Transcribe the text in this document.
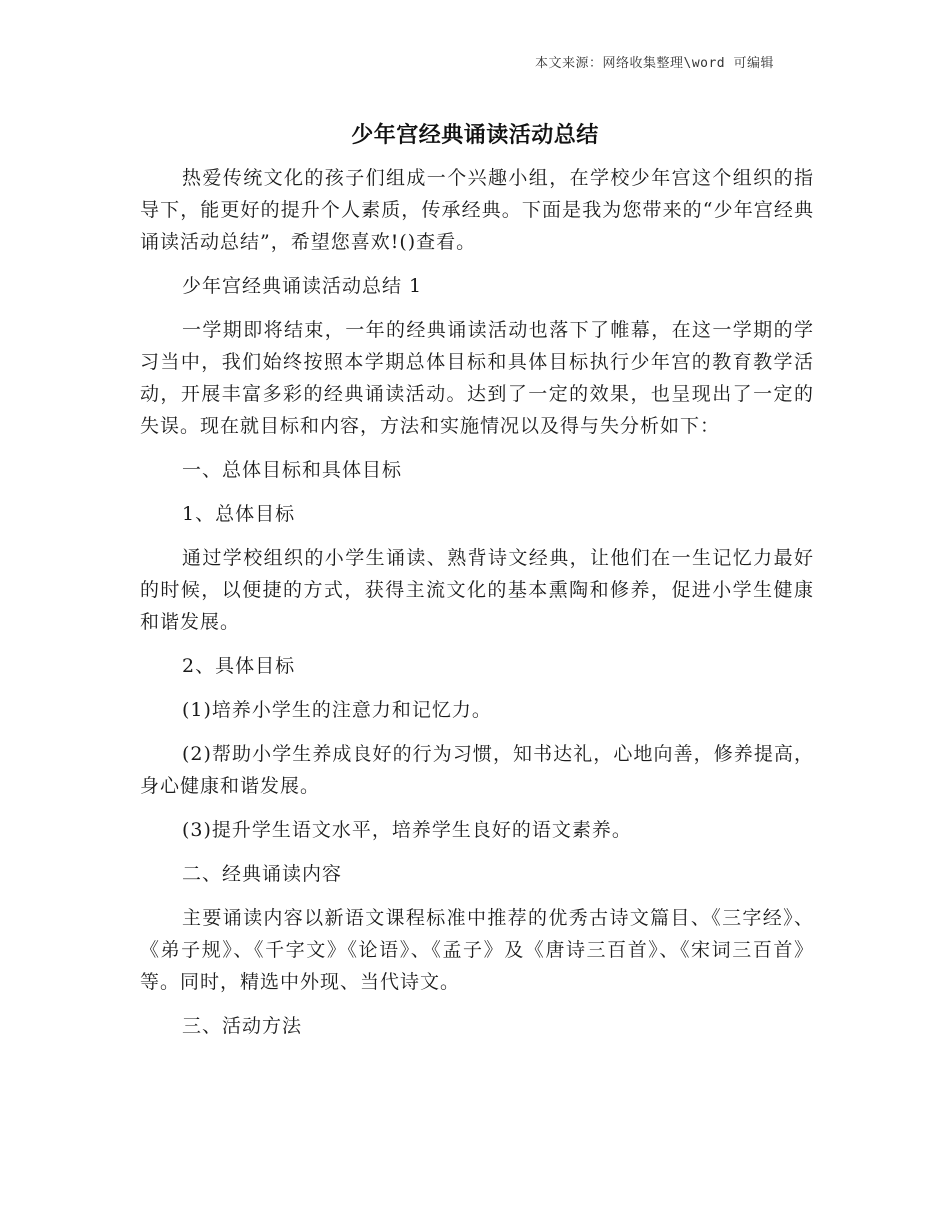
本文来源：网络收集整理\word 可编辑
少年宫经典诵读活动总结

热爱传统文化的孩子们组成一个兴趣小组，在学校少年宫这个组织的指导下，能更好的提升个人素质，传承经典。下面是我为您带来的“少年宫经典诵读活动总结”，希望您喜欢!()查看。

少年宫经典诵读活动总结 1

一学期即将结束，一年的经典诵读活动也落下了帷幕，在这一学期的学习当中，我们始终按照本学期总体目标和具体目标执行少年宫的教育教学活动，开展丰富多彩的经典诵读活动。达到了一定的效果，也呈现出了一定的失误。现在就目标和内容，方法和实施情况以及得与失分析如下：

一、总体目标和具体目标

1、总体目标

通过学校组织的小学生诵读、熟背诗文经典，让他们在一生记忆力最好的时候，以便捷的方式，获得主流文化的基本熏陶和修养，促进小学生健康和谐发展。

2、具体目标

(1)培养小学生的注意力和记忆力。

(2)帮助小学生养成良好的行为习惯，知书达礼，心地向善，修养提高，身心健康和谐发展。

(3)提升学生语文水平，培养学生良好的语文素养。

二、经典诵读内容

主要诵读内容以新语文课程标准中推荐的优秀古诗文篇目、《三字经》、《弟子规》、《千字文》《论语》、《孟子》及《唐诗三百首》、《宋词三百首》等。同时，精选中外现、当代诗文。

三、活动方法
